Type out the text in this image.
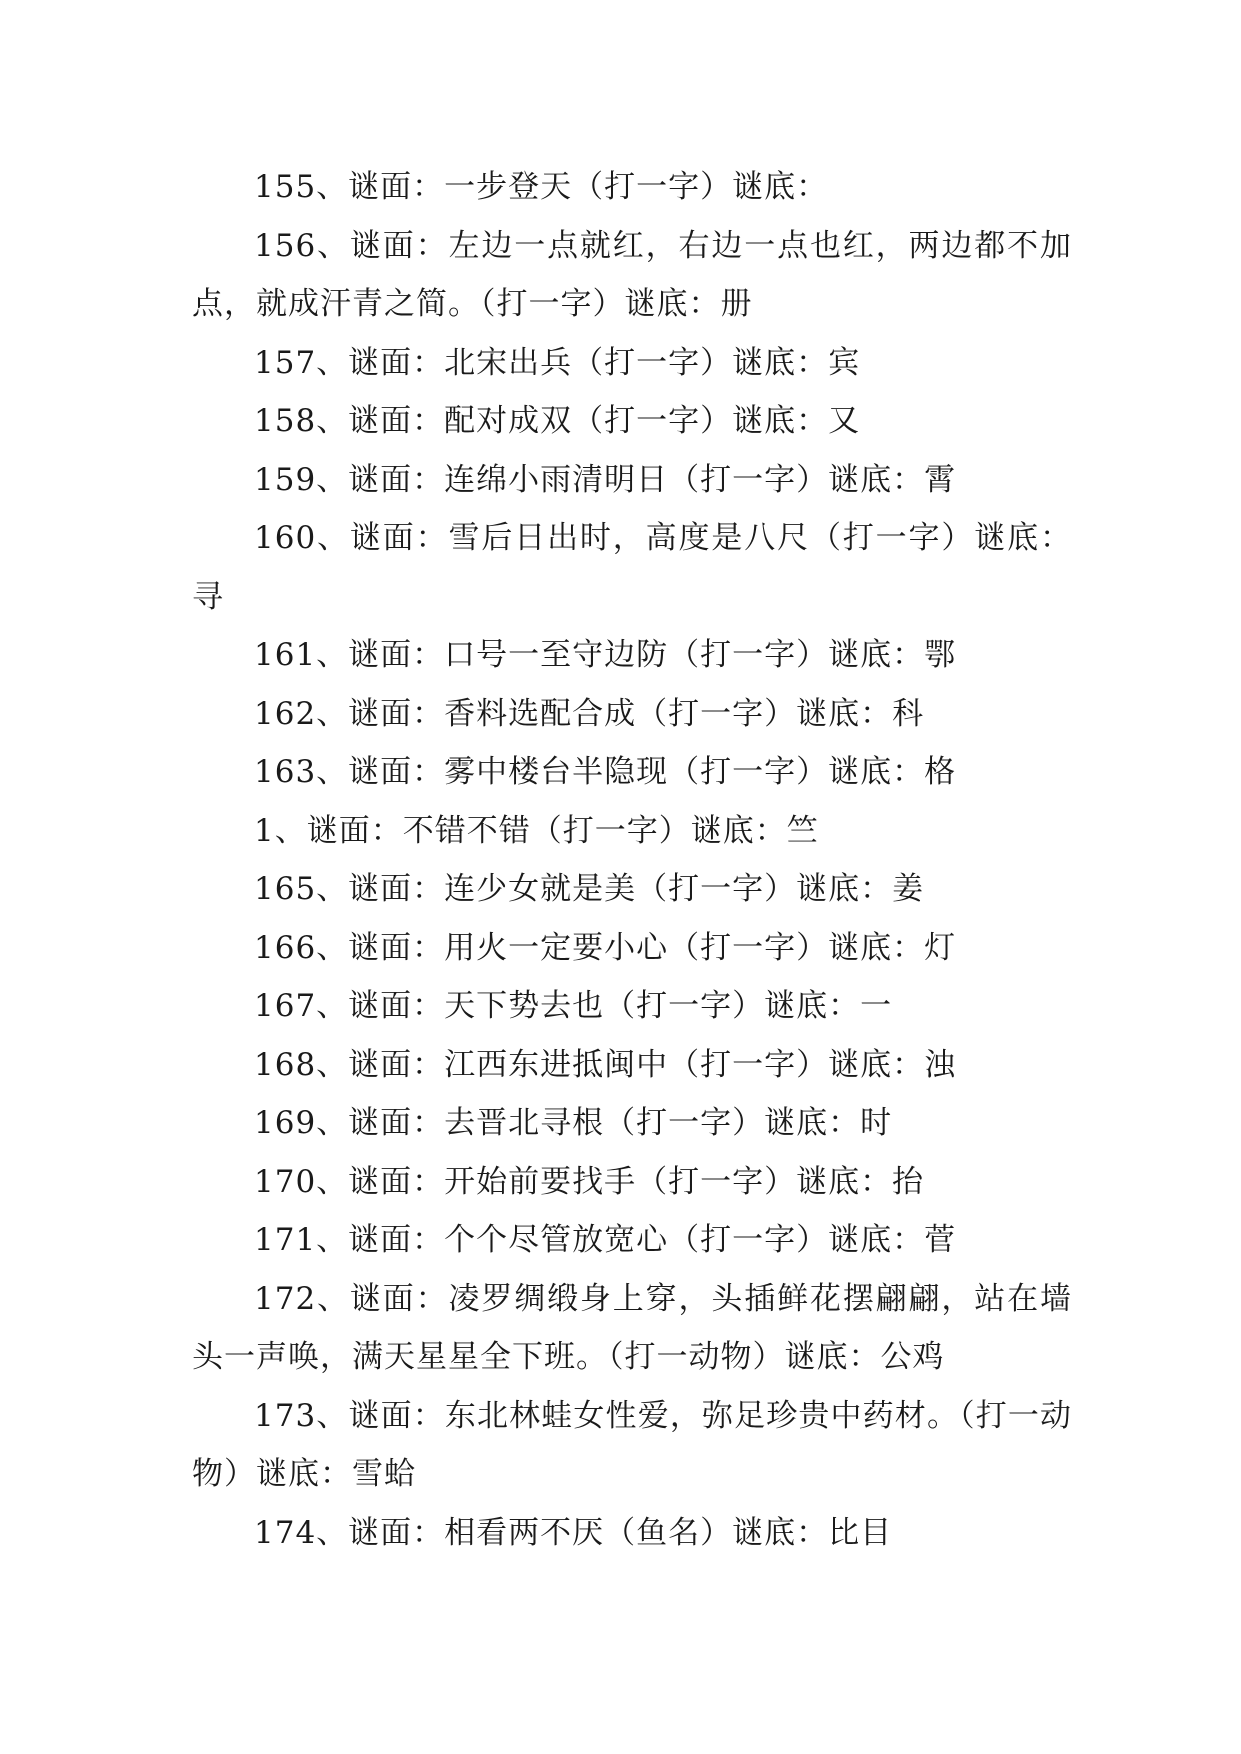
155、谜面：一步登天（打一字）谜底：

156、谜面：左边一点就红，右边一点也红，两边都不加点，就成汗青之简。（打一字）谜底：册

157、谜面：北宋出兵（打一字）谜底：宾

158、谜面：配对成双（打一字）谜底：又

159、谜面：连绵小雨清明日（打一字）谜底：霄

160、谜面：雪后日出时，高度是八尺（打一字）谜底：寻

161、谜面：口号一至守边防（打一字）谜底：鄂

162、谜面：香料选配合成（打一字）谜底：科

163、谜面：雾中楼台半隐现（打一字）谜底：格

1、谜面：不错不错（打一字）谜底：竺

165、谜面：连少女就是美（打一字）谜底：姜

166、谜面：用火一定要小心（打一字）谜底：灯

167、谜面：天下势去也（打一字）谜底：一

168、谜面：江西东进抵闽中（打一字）谜底：浊

169、谜面：去晋北寻根（打一字）谜底：时

170、谜面：开始前要找手（打一字）谜底：抬

171、谜面：个个尽管放宽心（打一字）谜底：菅

172、谜面：凌罗绸缎身上穿，头插鲜花摆翩翩，站在墙头一声唤，满天星星全下班。（打一动物）谜底：公鸡

173、谜面：东北林蛙女性爱，弥足珍贵中药材。（打一动物）谜底：雪蛤

174、谜面：相看两不厌（鱼名）谜底：比目
